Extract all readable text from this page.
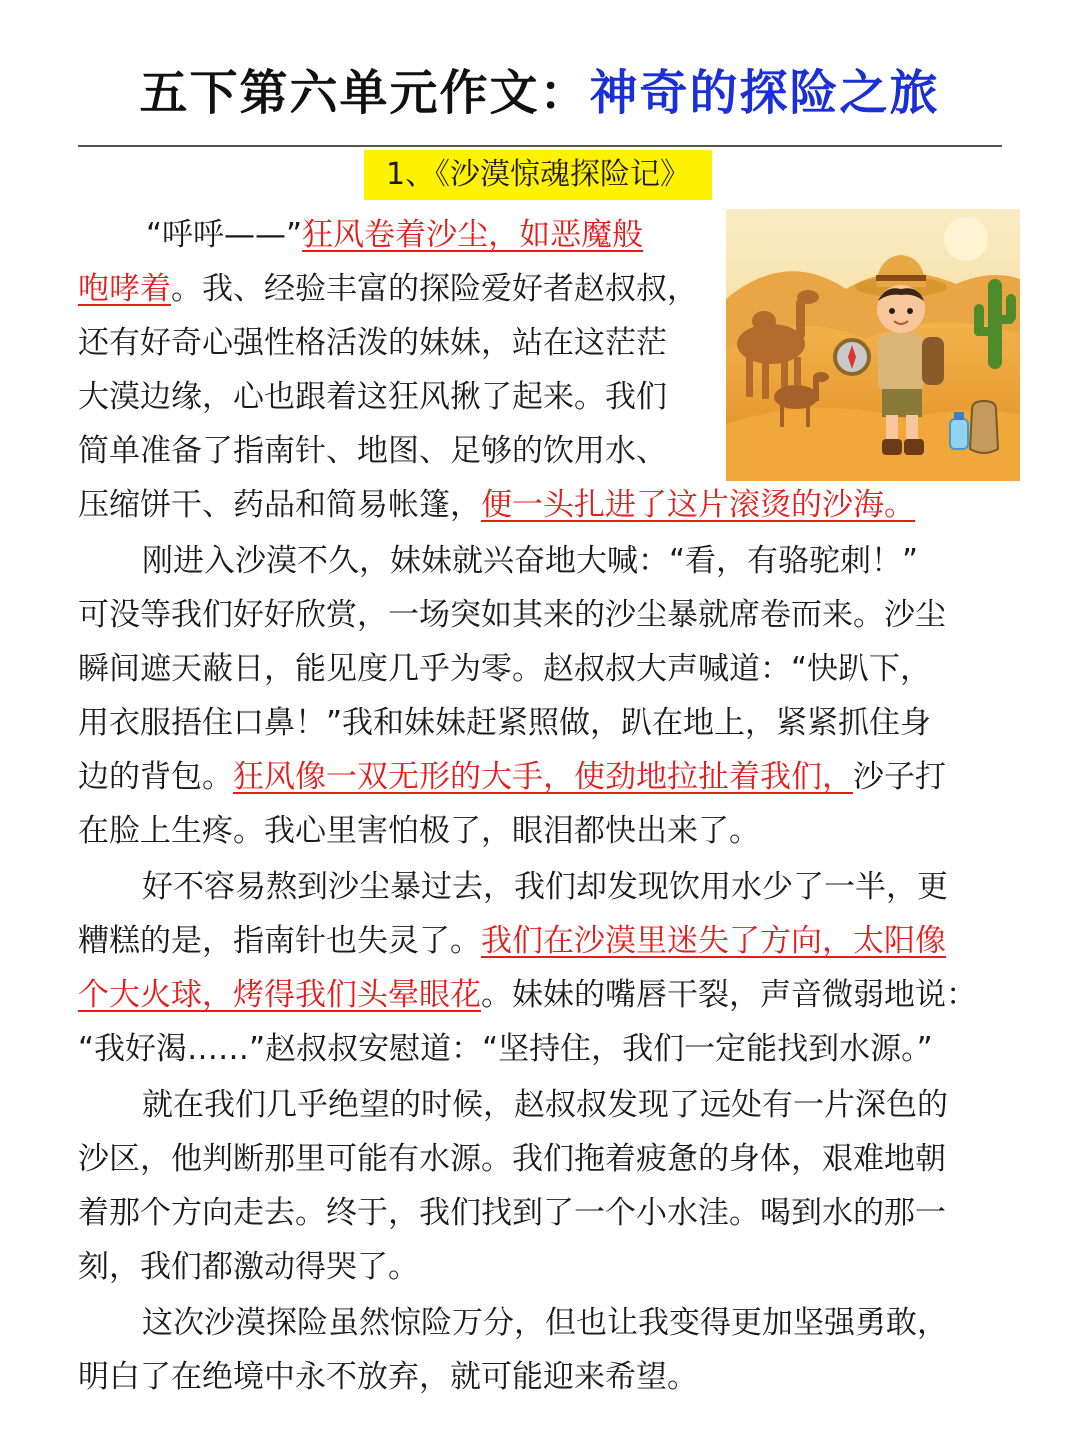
五下第六单元作文：神奇的探险之旅
1、《沙漠惊魂探险记》
“呼呼——”狂风卷着沙尘，如恶魔般
咆哮着。我、经验丰富的探险爱好者赵叔叔，
还有好奇心强性格活泼的妹妹，站在这茫茫
大漠边缘，心也跟着这狂风揪了起来。我们
简单准备了指南针、地图、足够的饮用水、
压缩饼干、药品和简易帐篷，便一头扎进了这片滚烫的沙海。
刚进入沙漠不久，妹妹就兴奋地大喊：“看，有骆驼刺！”
可没等我们好好欣赏，一场突如其来的沙尘暴就席卷而来。沙尘
瞬间遮天蔽日，能见度几乎为零。赵叔叔大声喊道：“快趴下，
用衣服捂住口鼻！”我和妹妹赶紧照做，趴在地上，紧紧抓住身
边的背包。狂风像一双无形的大手，使劲地拉扯着我们，沙子打
在脸上生疼。我心里害怕极了，眼泪都快出来了。
好不容易熬到沙尘暴过去，我们却发现饮用水少了一半，更
糟糕的是，指南针也失灵了。我们在沙漠里迷失了方向，太阳像
个大火球，烤得我们头晕眼花。妹妹的嘴唇干裂，声音微弱地说：
“我好渴……”赵叔叔安慰道：“坚持住，我们一定能找到水源。”
就在我们几乎绝望的时候，赵叔叔发现了远处有一片深色的
沙区，他判断那里可能有水源。我们拖着疲惫的身体，艰难地朝
着那个方向走去。终于，我们找到了一个小水洼。喝到水的那一
刻，我们都激动得哭了。
这次沙漠探险虽然惊险万分，但也让我变得更加坚强勇敢，
明白了在绝境中永不放弃，就可能迎来希望。
